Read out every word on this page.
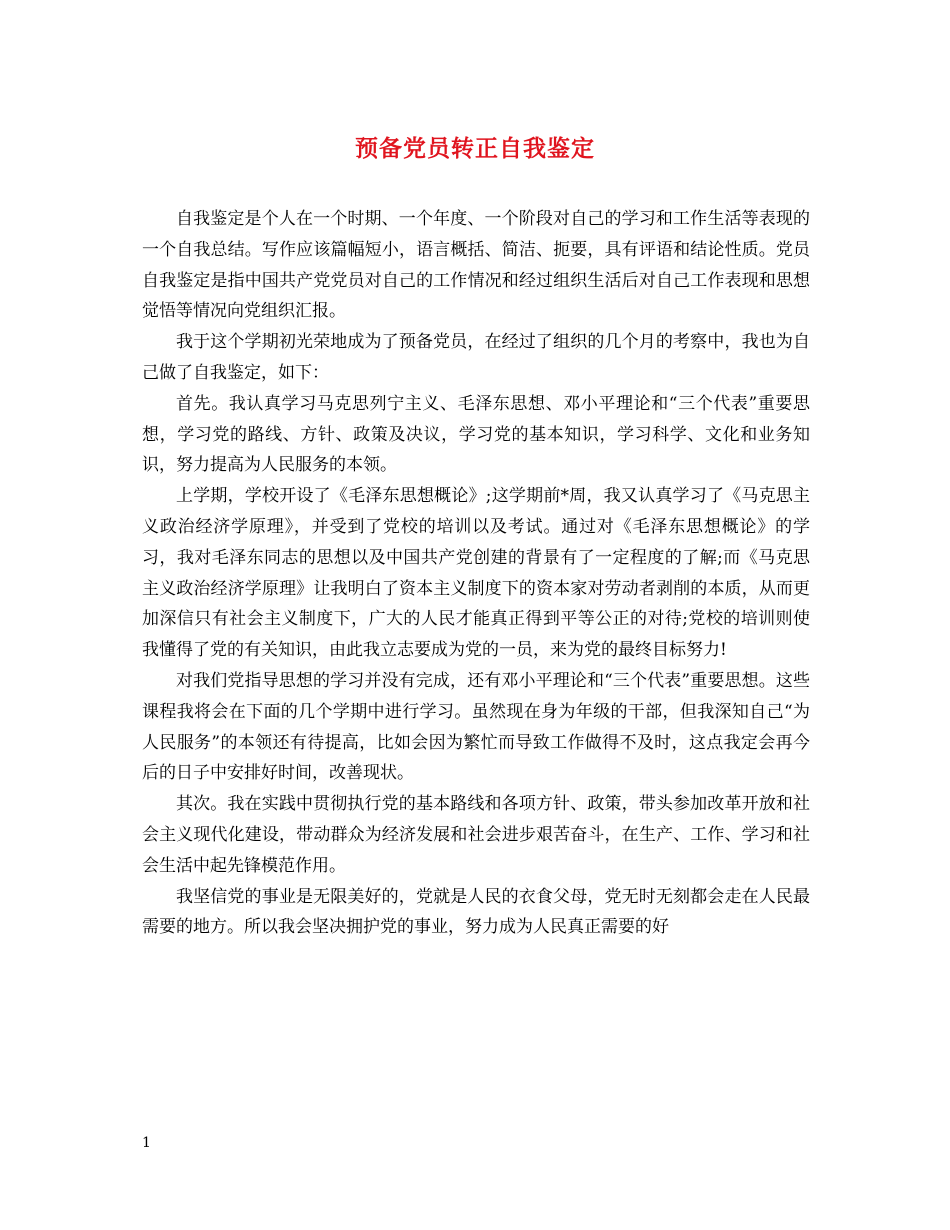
预备党员转正自我鉴定

自我鉴定是个人在一个时期、一个年度、一个阶段对自己的学习和工作生活等表现的一个自我总结。写作应该篇幅短小，语言概括、简洁、扼要，具有评语和结论性质。党员自我鉴定是指中国共产党党员对自己的工作情况和经过组织生活后对自己工作表现和思想觉悟等情况向党组织汇报。

我于这个学期初光荣地成为了预备党员，在经过了组织的几个月的考察中，我也为自己做了自我鉴定，如下：

首先。我认真学习马克思列宁主义、毛泽东思想、邓小平理论和“三个代表”重要思想，学习党的路线、方针、政策及决议，学习党的基本知识，学习科学、文化和业务知识，努力提高为人民服务的本领。

上学期，学校开设了《毛泽东思想概论》;这学期前*周，我又认真学习了《马克思主义政治经济学原理》，并受到了党校的培训以及考试。通过对《毛泽东思想概论》的学习，我对毛泽东同志的思想以及中国共产党创建的背景有了一定程度的了解;而《马克思主义政治经济学原理》让我明白了资本主义制度下的资本家对劳动者剥削的本质，从而更加深信只有社会主义制度下，广大的人民才能真正得到平等公正的对待;党校的培训则使我懂得了党的有关知识，由此我立志要成为党的一员，来为党的最终目标努力!

对我们党指导思想的学习并没有完成，还有邓小平理论和“三个代表”重要思想。这些课程我将会在下面的几个学期中进行学习。虽然现在身为年级的干部，但我深知自己“为人民服务”的本领还有待提高，比如会因为繁忙而导致工作做得不及时，这点我定会再今后的日子中安排好时间，改善现状。

其次。我在实践中贯彻执行党的基本路线和各项方针、政策，带头参加改革开放和社会主义现代化建设，带动群众为经济发展和社会进步艰苦奋斗，在生产、工作、学习和社会生活中起先锋模范作用。

我坚信党的事业是无限美好的，党就是人民的衣食父母，党无时无刻都会走在人民最需要的地方。所以我会坚决拥护党的事业，努力成为人民真正需要的好

1
